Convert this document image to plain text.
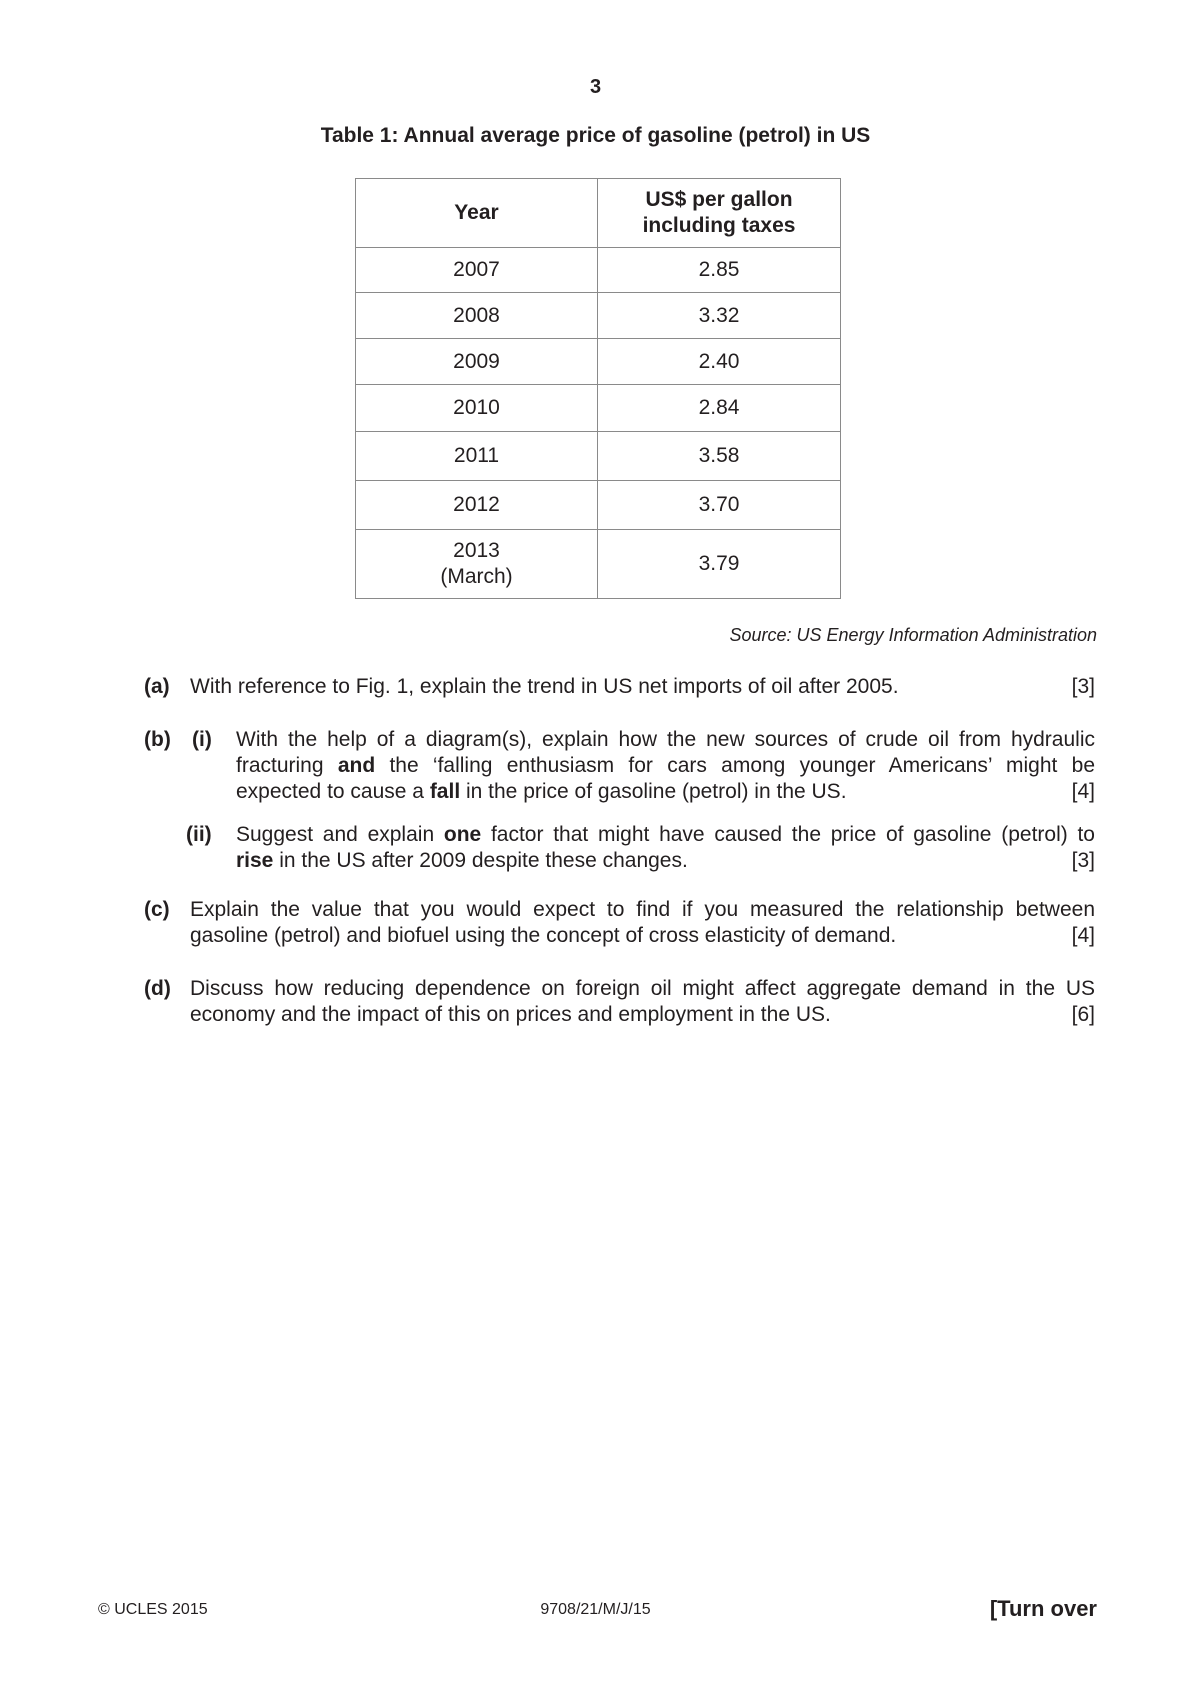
3
Table 1: Annual average price of gasoline (petrol) in US
Year	US$ per gallon
including taxes
2007	2.85
2008	3.32
2009	2.40
2010	2.84
2011	3.58
2012	3.70
2013
(March)	3.79
Source: US Energy Information Administration
(a) With reference to Fig. 1, explain the trend in US net imports of oil after 2005.	[3]

(b) (i) With the help of a diagram(s), explain how the new sources of crude oil from hydraulic

fracturing and the ‘falling enthusiasm for cars among younger Americans’ might be

expected to cause a fall in the price of gasoline (petrol) in the US.	[4]

(ii) Suggest and explain one factor that might have caused the price of gasoline (petrol) to

rise in the US after 2009 despite these changes.	[3]

(c) Explain the value that you would expect to find if you measured the relationship between

gasoline (petrol) and biofuel using the concept of cross elasticity of demand.	[4]

(d) Discuss how reducing dependence on foreign oil might affect aggregate demand in the US

economy and the impact of this on prices and employment in the US.	[6]

© UCLES 2015	9708/21/M/J/15	[Turn over
